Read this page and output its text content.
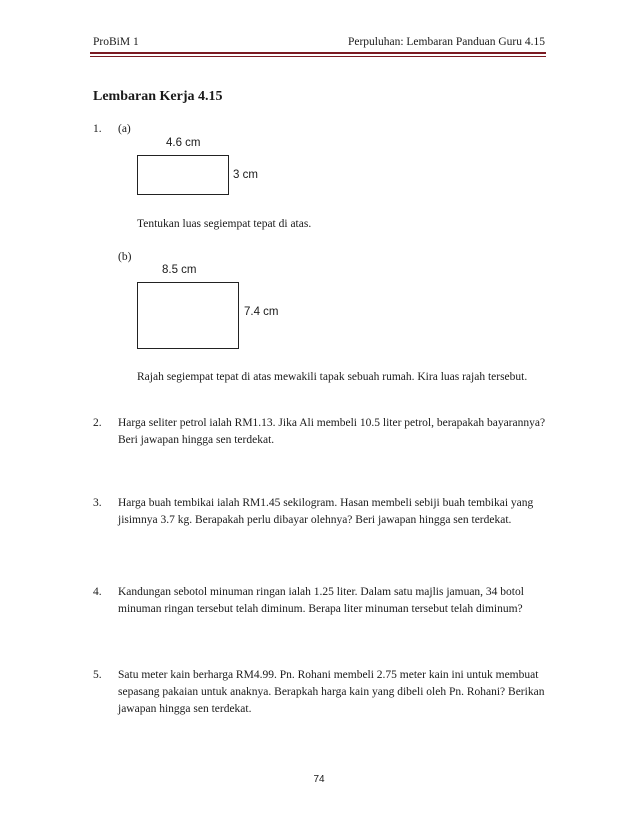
ProBiM 1	Perpuluhan: Lembaran Panduan Guru 4.15
Lembaran Kerja 4.15
1. (a)
4.6 cm
3 cm
Tentukan luas segiempat tepat di atas.
(b)
8.5 cm
7.4 cm
Rajah segiempat tepat di atas mewakili tapak sebuah rumah. Kira luas rajah tersebut.
2. Harga seliter petrol ialah RM1.13. Jika Ali membeli 10.5 liter petrol, berapakah bayarannya?
Beri jawapan hingga sen terdekat.
3. Harga buah tembikai ialah RM1.45 sekilogram. Hasan membeli sebiji buah tembikai yang
jisimnya 3.7 kg. Berapakah perlu dibayar olehnya? Beri jawapan hingga sen terdekat.
4. Kandungan sebotol minuman ringan ialah 1.25 liter. Dalam satu majlis jamuan, 34 botol
minuman ringan tersebut telah diminum. Berapa liter minuman tersebut telah diminum?
5. Satu meter kain berharga RM4.99. Pn. Rohani membeli 2.75 meter kain ini untuk membuat
sepasang pakaian untuk anaknya. Berapkah harga kain yang dibeli oleh Pn. Rohani? Berikan
jawapan hingga sen terdekat.
74
